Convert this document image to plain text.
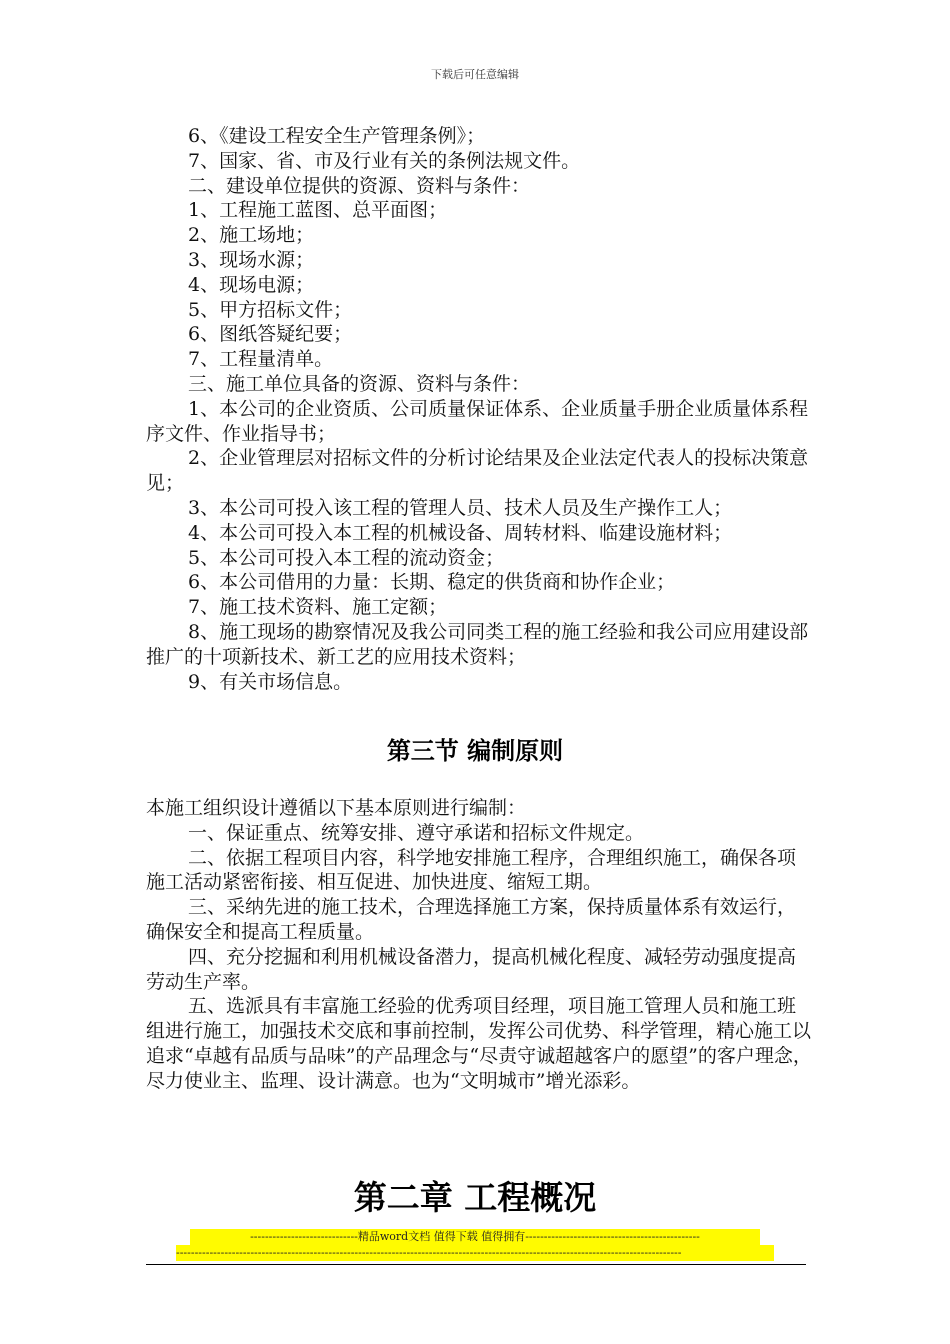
下载后可任意编辑

6、《建设工程安全生产管理条例》；

7、国家、省、市及行业有关的条例法规文件。

二、建设单位提供的资源、资料与条件：

1、工程施工蓝图、总平面图；

2、施工场地；

3、现场水源；

4、现场电源；

5、甲方招标文件；

6、图纸答疑纪要；

7、工程量清单。

三、施工单位具备的资源、资料与条件：

1、本公司的企业资质、公司质量保证体系、企业质量手册企业质量体系程序文件、作业指导书；

2、企业管理层对招标文件的分析讨论结果及企业法定代表人的投标决策意见；

3、本公司可投入该工程的管理人员、技术人员及生产操作工人；

4、本公司可投入本工程的机械设备、周转材料、临建设施材料；

5、本公司可投入本工程的流动资金；

6、本公司借用的力量：长期、稳定的供货商和协作企业；

7、施工技术资料、施工定额；

8、施工现场的勘察情况及我公司同类工程的施工经验和我公司应用建设部推广的十项新技术、新工艺的应用技术资料；

9、有关市场信息。

第三节 编制原则

本施工组织设计遵循以下基本原则进行编制：

一、保证重点、统筹安排、遵守承诺和招标文件规定。

二、依据工程项目内容，科学地安排施工程序，合理组织施工，确保各项施工活动紧密衔接、相互促进、加快进度、缩短工期。

三、采纳先进的施工技术，合理选择施工方案，保持质量体系有效运行，确保安全和提高工程质量。

四、充分挖掘和利用机械设备潜力，提高机械化程度、减轻劳动强度提高劳动生产率。

五、选派具有丰富施工经验的优秀项目经理，项目施工管理人员和施工班组进行施工，加强技术交底和事前控制，发挥公司优势、科学管理，精心施工以追求“卓越有品质与品味”的产品理念与“尽责守诚超越客户的愿望”的客户理念，尽力使业主、监理、设计满意。也为“文明城市”增光添彩。

第二章 工程概况
-----------------------------精品word文档 值得下载 值得拥有-----------------------------------------------
----------------------------------------------------------------------------------------------------------------------------------------
